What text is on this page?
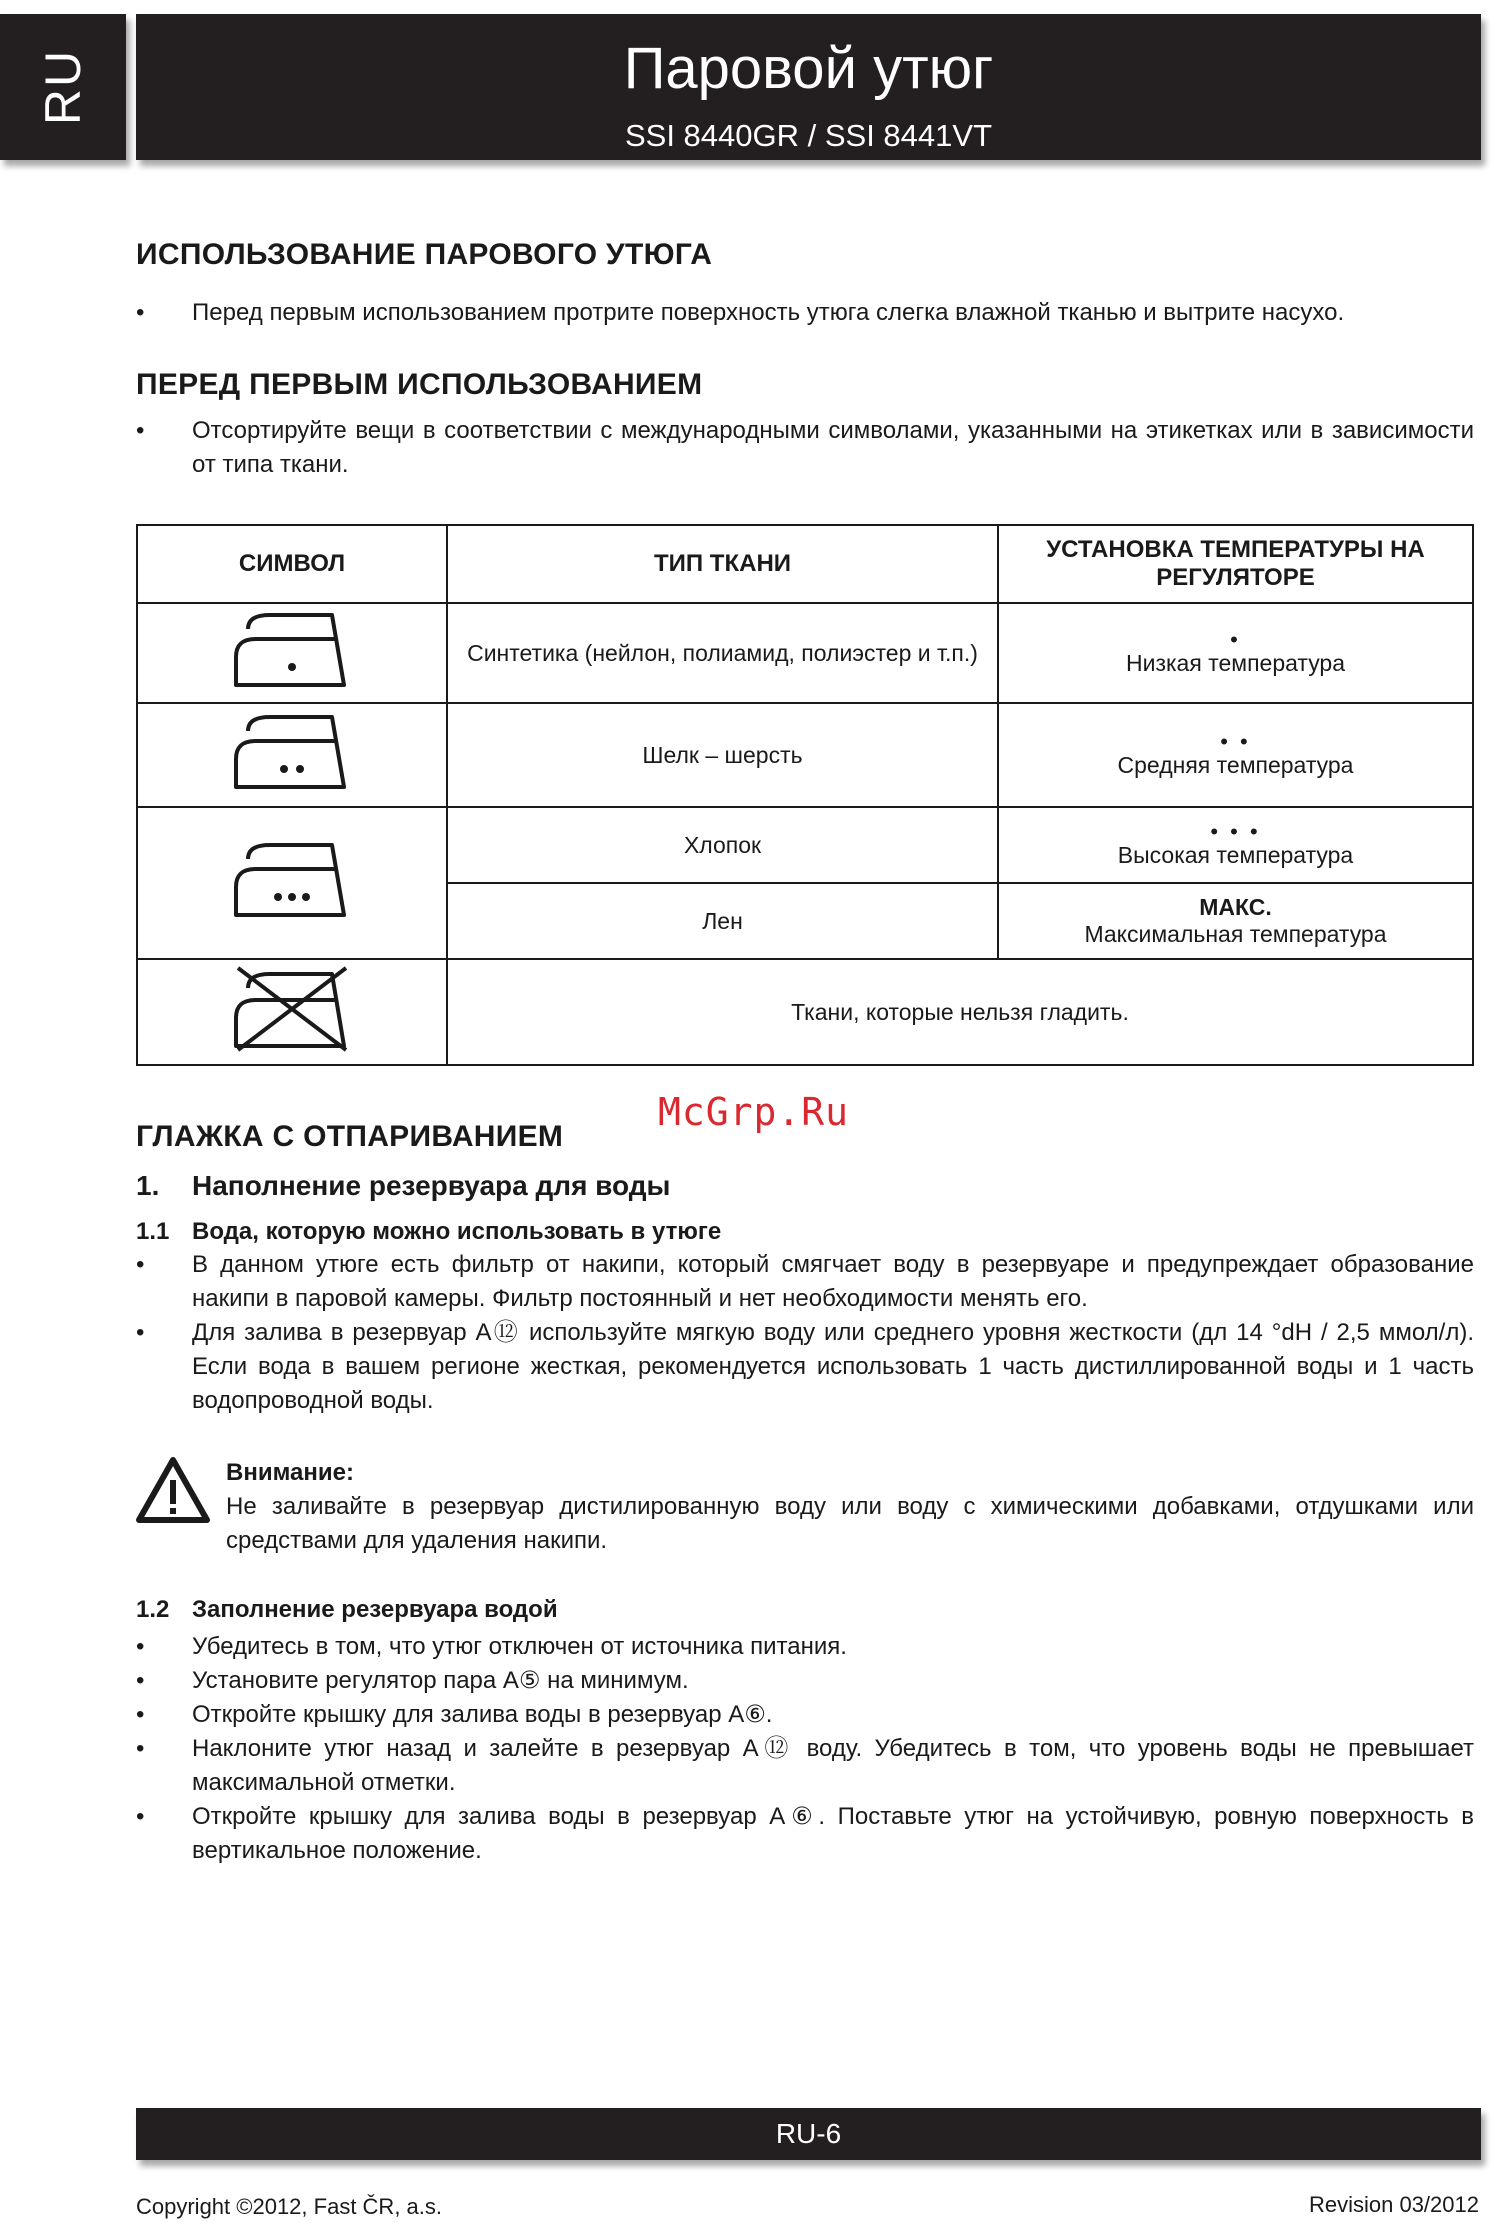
RU	Паровой утюг
SSI 8440GR / SSI 8441VT
ИСПОЛЬЗОВАНИЕ ПАРОВОГО УТЮГА
• Перед первым использованием протрите поверхность утюга слегка влажной тканью и вытрите насухо.
ПЕРЕД ПЕРВЫМ ИСПОЛЬЗОВАНИЕМ
• Отсортируйте вещи в соответствии с международными символами, указанными на этикетках или в зависимости от типа ткани.
СИМВОЛ	ТИП ТКАНИ	УСТАНОВКА ТЕМПЕРАТУРЫ НА РЕГУЛЯТОРЕ
	Синтетика (нейлон, полиамид, полиэстер и т.п.)	•
Низкая температура
	Шелк – шерсть	• •
Средняя температура
	Хлопок	• • •
Высокая температура
	Лен	МАКС.
Максимальная температура
	Ткани, которые нельзя гладить.	
McGrp.Ru
ГЛАЖКА С ОТПАРИВАНИЕМ
1. Наполнение резервуара для воды
1.1 Вода, которую можно использовать в утюге
• В данном утюге есть фильтр от накипи, который смягчает воду в резервуаре и предупреждает образование накипи в паровой камеры. Фильтр постоянный и нет необходимости менять его.
• Для залива в резервуар A⑫ используйте мягкую воду или среднего уровня жесткости (дл 14 °dH / 2,5 ммол/л). Если вода в вашем регионе жесткая, рекомендуется использовать 1 часть дистиллированной воды и 1 часть водопроводной воды.
Внимание:
Не заливайте в резервуар дистилированную воду или воду с химическими добавками, отдушками или средствами для удаления накипи.
1.2 Заполнение резервуара водой
• Убедитесь в том, что утюг отключен от источника питания.
• Установите регулятор пара A⑤ на минимум.
• Откройте крышку для залива воды в резервуар A⑥.
• Наклоните утюг назад и залейте в резервуар A⑫ воду. Убедитесь в том, что уровень воды не превышает максимальной отметки.
• Откройте крышку для залива воды в резервуар A⑥. Поставьте утюг на устойчивую, ровную поверхность в вертикальное положение.
RU-6
Copyright ©2012, Fast ČR, a.s.	Revision 03/2012
